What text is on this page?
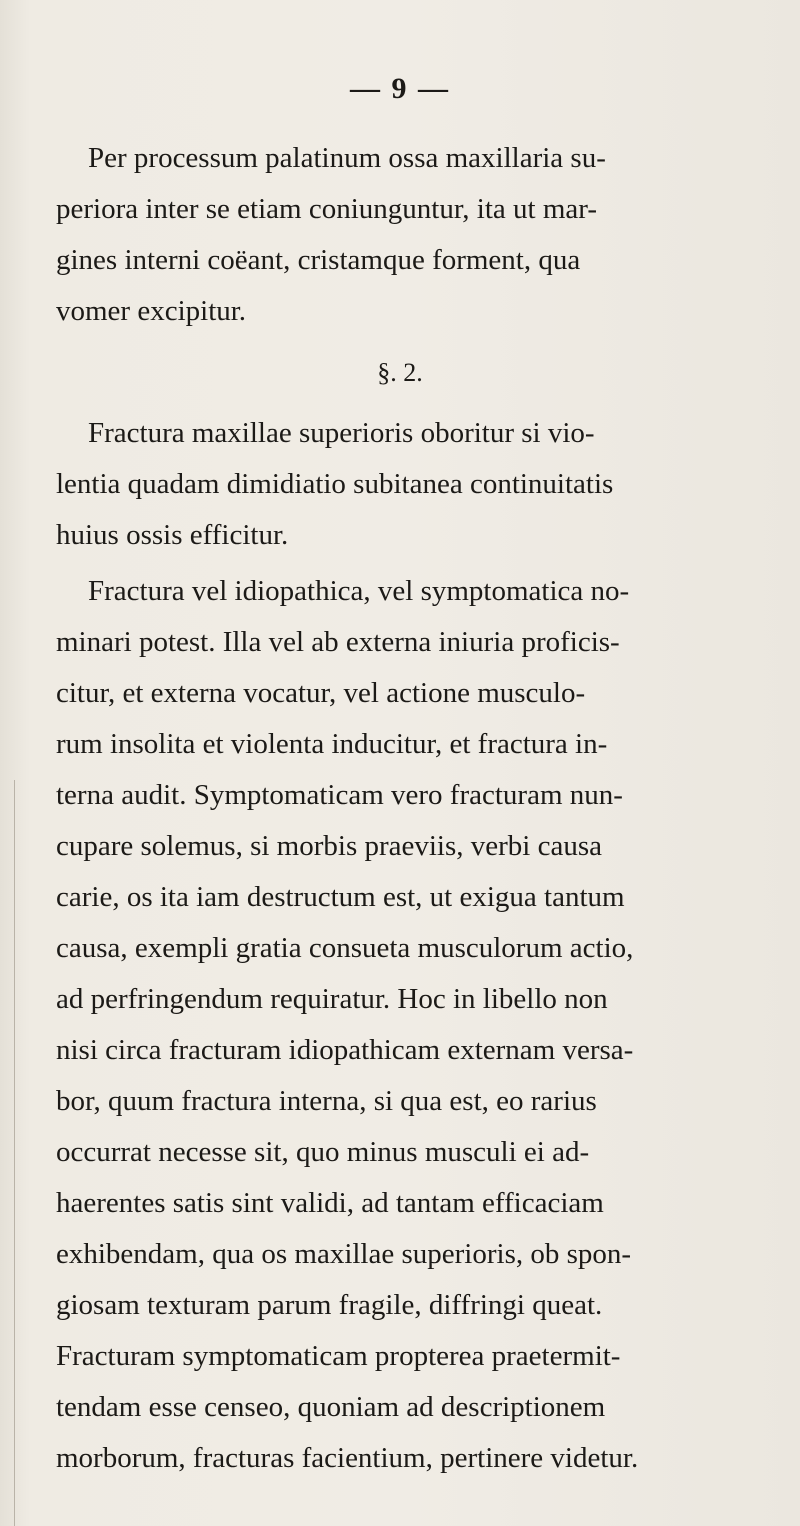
— 9 —
Per processum palatinum ossa maxillaria su-
periora inter se etiam coniunguntur, ita ut mar-
gines interni coëant, cristamque forment, qua
vomer excipitur.
§. 2.
Fractura maxillae superioris oboritur si vio-
lentia quadam dimidiatio subitanea continuitatis
huius ossis efficitur.
Fractura vel idiopathica, vel symptomatica no-
minari potest. Illa vel ab externa iniuria proficis-
citur, et externa vocatur, vel actione musculo-
rum insolita et violenta inducitur, et fractura in-
terna audit. Symptomaticam vero fracturam nun-
cupare solemus, si morbis praeviis, verbi causa
carie, os ita iam destructum est, ut exigua tantum
causa, exempli gratia consueta musculorum actio,
ad perfringendum requiratur. Hoc in libello non
nisi circa fracturam idiopathicam externam versa-
bor, quum fractura interna, si qua est, eo rarius
occurrat necesse sit, quo minus musculi ei ad-
haerentes satis sint validi, ad tantam efficaciam
exhibendam, qua os maxillae superioris, ob spon-
giosam texturam parum fragile, diffringi queat.
Fracturam symptomaticam propterea praetermit-
tendam esse censeo, quoniam ad descriptionem
morborum, fracturas facientium, pertinere videtur.
